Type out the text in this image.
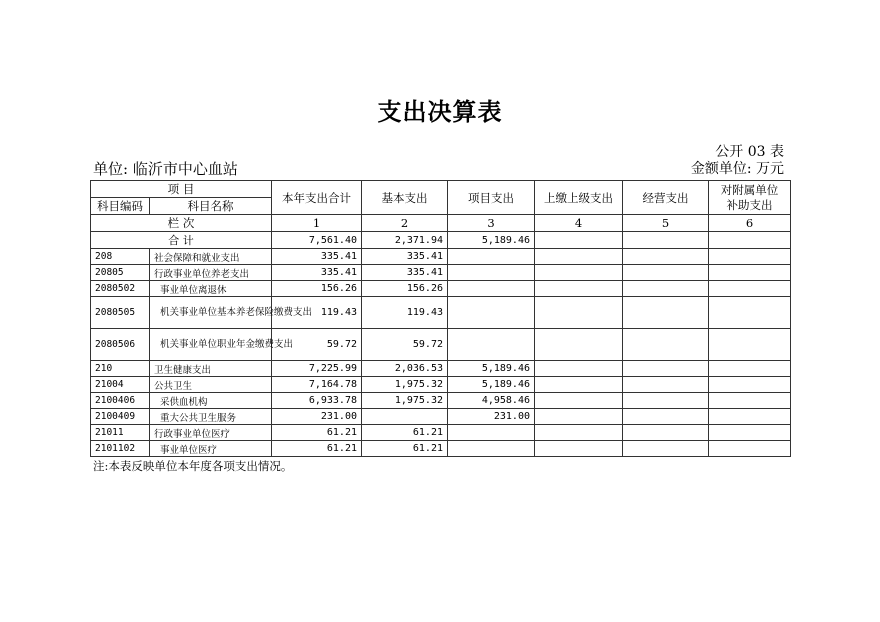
支出决算表
公开 03 表
单位: 临沂市中心血站	金额单位: 万元
项 目		本年支出合计	基本支出	项目支出	上缴上级支出	经营支出	对附属单位
补助支出

科目编码	科目名称						
栏 次		1	2	3	4	5	6
合 计		7,561.40	2,371.94	5,189.46			
208	社会保障和就业支出	335.41	335.41				
20805	行政事业单位养老支出	335.41	335.41				
2080502	事业单位离退休	156.26	156.26				
2080505	机关事业单位基本养老保险缴费支出	119.43	119.43				
2080506	机关事业单位职业年金缴费支出	59.72	59.72				
210	卫生健康支出	7,225.99	2,036.53	5,189.46			
21004	公共卫生	7,164.78	1,975.32	5,189.46			
2100406	采供血机构	6,933.78	1,975.32	4,958.46			
2100409	重大公共卫生服务	231.00		231.00			
21011	行政事业单位医疗	61.21	61.21				
2101102	事业单位医疗	61.21	61.21				
注:本表反映单位本年度各项支出情况。
